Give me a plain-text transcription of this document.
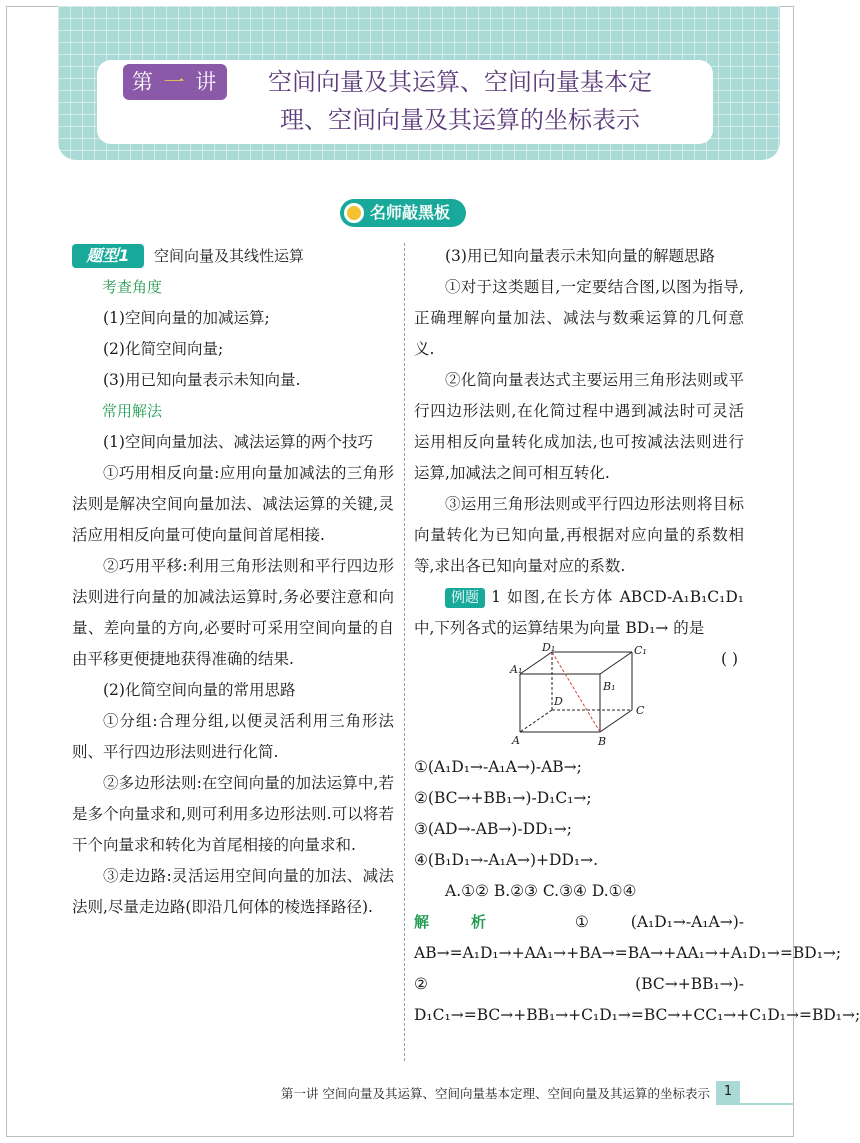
第 一 讲	空间向量及其运算、空间向量基本定
理、空间向量及其运算的坐标表示
名师敲黑板
题型1	空间向量及其线性运算

考查角度

(1)空间向量的加减运算;

(2)化简空间向量;

(3)用已知向量表示未知向量.

常用解法

(1)空间向量加法、减法运算的两个技巧

①巧用相反向量:应用向量加减法的三角形法则是解决空间向量加法、减法运算的关键,灵活应用相反向量可使向量间首尾相接.

②巧用平移:利用三角形法则和平行四边形法则进行向量的加减法运算时,务必要注意和向量、差向量的方向,必要时可采用空间向量的自由平移更便捷地获得准确的结果.

(2)化简空间向量的常用思路

①分组:合理分组,以便灵活利用三角形法则、平行四边形法则进行化简.

②多边形法则:在空间向量的加法运算中,若是多个向量求和,则可利用多边形法则.可以将若干个向量求和转化为首尾相接的向量求和.

③走边路:灵活运用空间向量的加法、减法法则,尽量走边路(即沿几何体的棱选择路径).

(3)用已知向量表示未知向量的解题思路

①对于这类题目,一定要结合图,以图为指导,正确理解向量加法、减法与数乘运算的几何意义.

②化简向量表达式主要运用三角形法则或平行四边形法则,在化简过程中遇到减法时可灵活运用相反向量转化成加法,也可按减法法则进行运算,加减法之间可相互转化.

③运用三角形法则或平行四边形法则将目标向量转化为已知向量,再根据对应向量的系数相等,求出各已知向量对应的系数.

例题 1 如图,在长方体 ABCD-A₁B₁C₁D₁ 中,下列各式的运算结果为向量 BD₁→ 的是
( )

A	B
C
D
A₁
B₁
C₁
D₁

①(A₁D₁→-A₁A→)-AB→;

②(BC→+BB₁→)-D₁C₁→;

③(AD→-AB→)-DD₁→;

④(B₁D₁→-A₁A→)+DD₁→.

A.①② B.②③ C.③④ D.①④

解析	①(A₁D₁→-A₁A→)-AB→=A₁D₁→+AA₁→+BA→=BA→+AA₁→+A₁D₁→=BD₁→;

②(BC→+BB₁→)-D₁C₁→=BC→+BB₁→+C₁D₁→=BC→+CC₁→+C₁D₁→=BD₁→;

第一讲 空间向量及其运算、空间向量基本定理、空间向量及其运算的坐标表示	1
